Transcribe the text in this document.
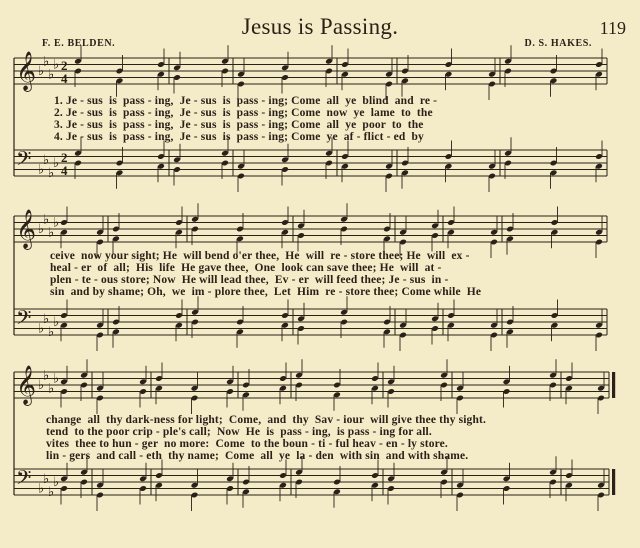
Jesus is Passing.	119
F. E. BELDEN.	D. S. HAKES.
𝄞 ♭
♭
♭
♭ 2
4
𝄢 ♭
♭
♭
♭ 2
4
𝄞 ♭
♭
♭
♭
𝄢 ♭
♭
♭
♭
𝄞 ♭
♭
♭
♭
𝄢 ♭
♭
♭
♭
1. Je - sus  is  pass - ing,  Je - sus  is  pass - ing; Come  all  ye  blind  and  re -
2. Je - sus  is  pass - ing,  Je - sus  is  pass - ing; Come  now  ye  lame  to  the
3. Je - sus  is  pass - ing,  Je - sus  is  pass - ing; Come  all  ye  poor  to  the
4. Je - sus  is  pass - ing,  Je - sus  is  pass - ing; Come  ye  af - flict - ed  by
ceive  now your sight; He  will bend o'er thee,  He  will  re - store thee; He  will  ex -
heal - er  of  all;  His  life  He gave thee,  One  look can save thee; He  will  at -
plen - te - ous store; Now  He will lead thee,  Ev - er  will feed thee; Je - sus  in -
sin  and by shame; Oh,  we  im - plore thee,  Let  Him  re - store thee; Come while  He
change  all  thy dark-ness for light;  Come,  and  thy  Sav - iour  will give thee thy sight.
tend  to the poor crip - ple's call;  Now  He  is  pass - ing,  is pass - ing for all.
vites  thee to hun - ger  no more:  Come  to the boun - ti - ful heav - en - ly store.
lin - gers  and call - eth  thy name;  Come  all  ye  la - den  with sin  and with shame.
